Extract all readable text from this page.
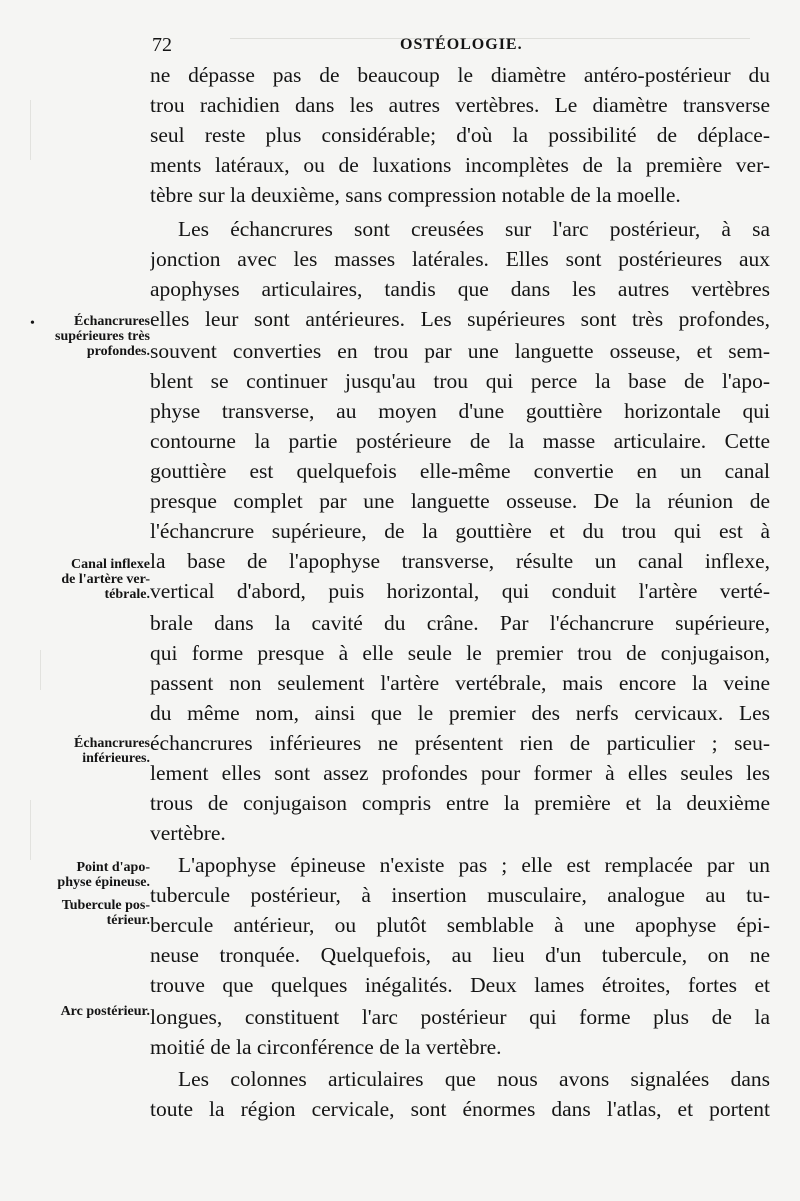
72	OSTÉOLOGIE.
•	Échancrures
supérieures très
profondes.
Canal inflexe
de l'artère ver-
tébrale.
Échancrures
inférieures.
Point d'apo-
physe épineuse.
Tubercule pos-
térieur.
Arc postérieur.
ne dépasse pas de beaucoup le diamètre antéro-postérieur du
trou rachidien dans les autres vertèbres. Le diamètre transverse
seul reste plus considérable; d'où la possibilité de déplace-
ments latéraux, ou de luxations incomplètes de la première ver-
tèbre sur la deuxième, sans compression notable de la moelle.
Les échancrures sont creusées sur l'arc postérieur, à sa
jonction avec les masses latérales. Elles sont postérieures aux
apophyses articulaires, tandis que dans les autres vertèbres
elles leur sont antérieures. Les supérieures sont très profondes,
souvent converties en trou par une languette osseuse, et sem-
blent se continuer jusqu'au trou qui perce la base de l'apo-
physe transverse, au moyen d'une gouttière horizontale qui
contourne la partie postérieure de la masse articulaire. Cette
gouttière est quelquefois elle-même convertie en un canal
presque complet par une languette osseuse. De la réunion de
l'échancrure supérieure, de la gouttière et du trou qui est à
la base de l'apophyse transverse, résulte un canal inflexe,
vertical d'abord, puis horizontal, qui conduit l'artère verté-
brale dans la cavité du crâne. Par l'échancrure supérieure,
qui forme presque à elle seule le premier trou de conjugaison,
passent non seulement l'artère vertébrale, mais encore la veine
du même nom, ainsi que le premier des nerfs cervicaux. Les
échancrures inférieures ne présentent rien de particulier ; seu-
lement elles sont assez profondes pour former à elles seules les
trous de conjugaison compris entre la première et la deuxième
vertèbre.
L'apophyse épineuse n'existe pas ; elle est remplacée par un
tubercule postérieur, à insertion musculaire, analogue au tu-
bercule antérieur, ou plutôt semblable à une apophyse épi-
neuse tronquée. Quelquefois, au lieu d'un tubercule, on ne
trouve que quelques inégalités. Deux lames étroites, fortes et
longues, constituent l'arc postérieur qui forme plus de la
moitié de la circonférence de la vertèbre.
Les colonnes articulaires que nous avons signalées dans
toute la région cervicale, sont énormes dans l'atlas, et portent
